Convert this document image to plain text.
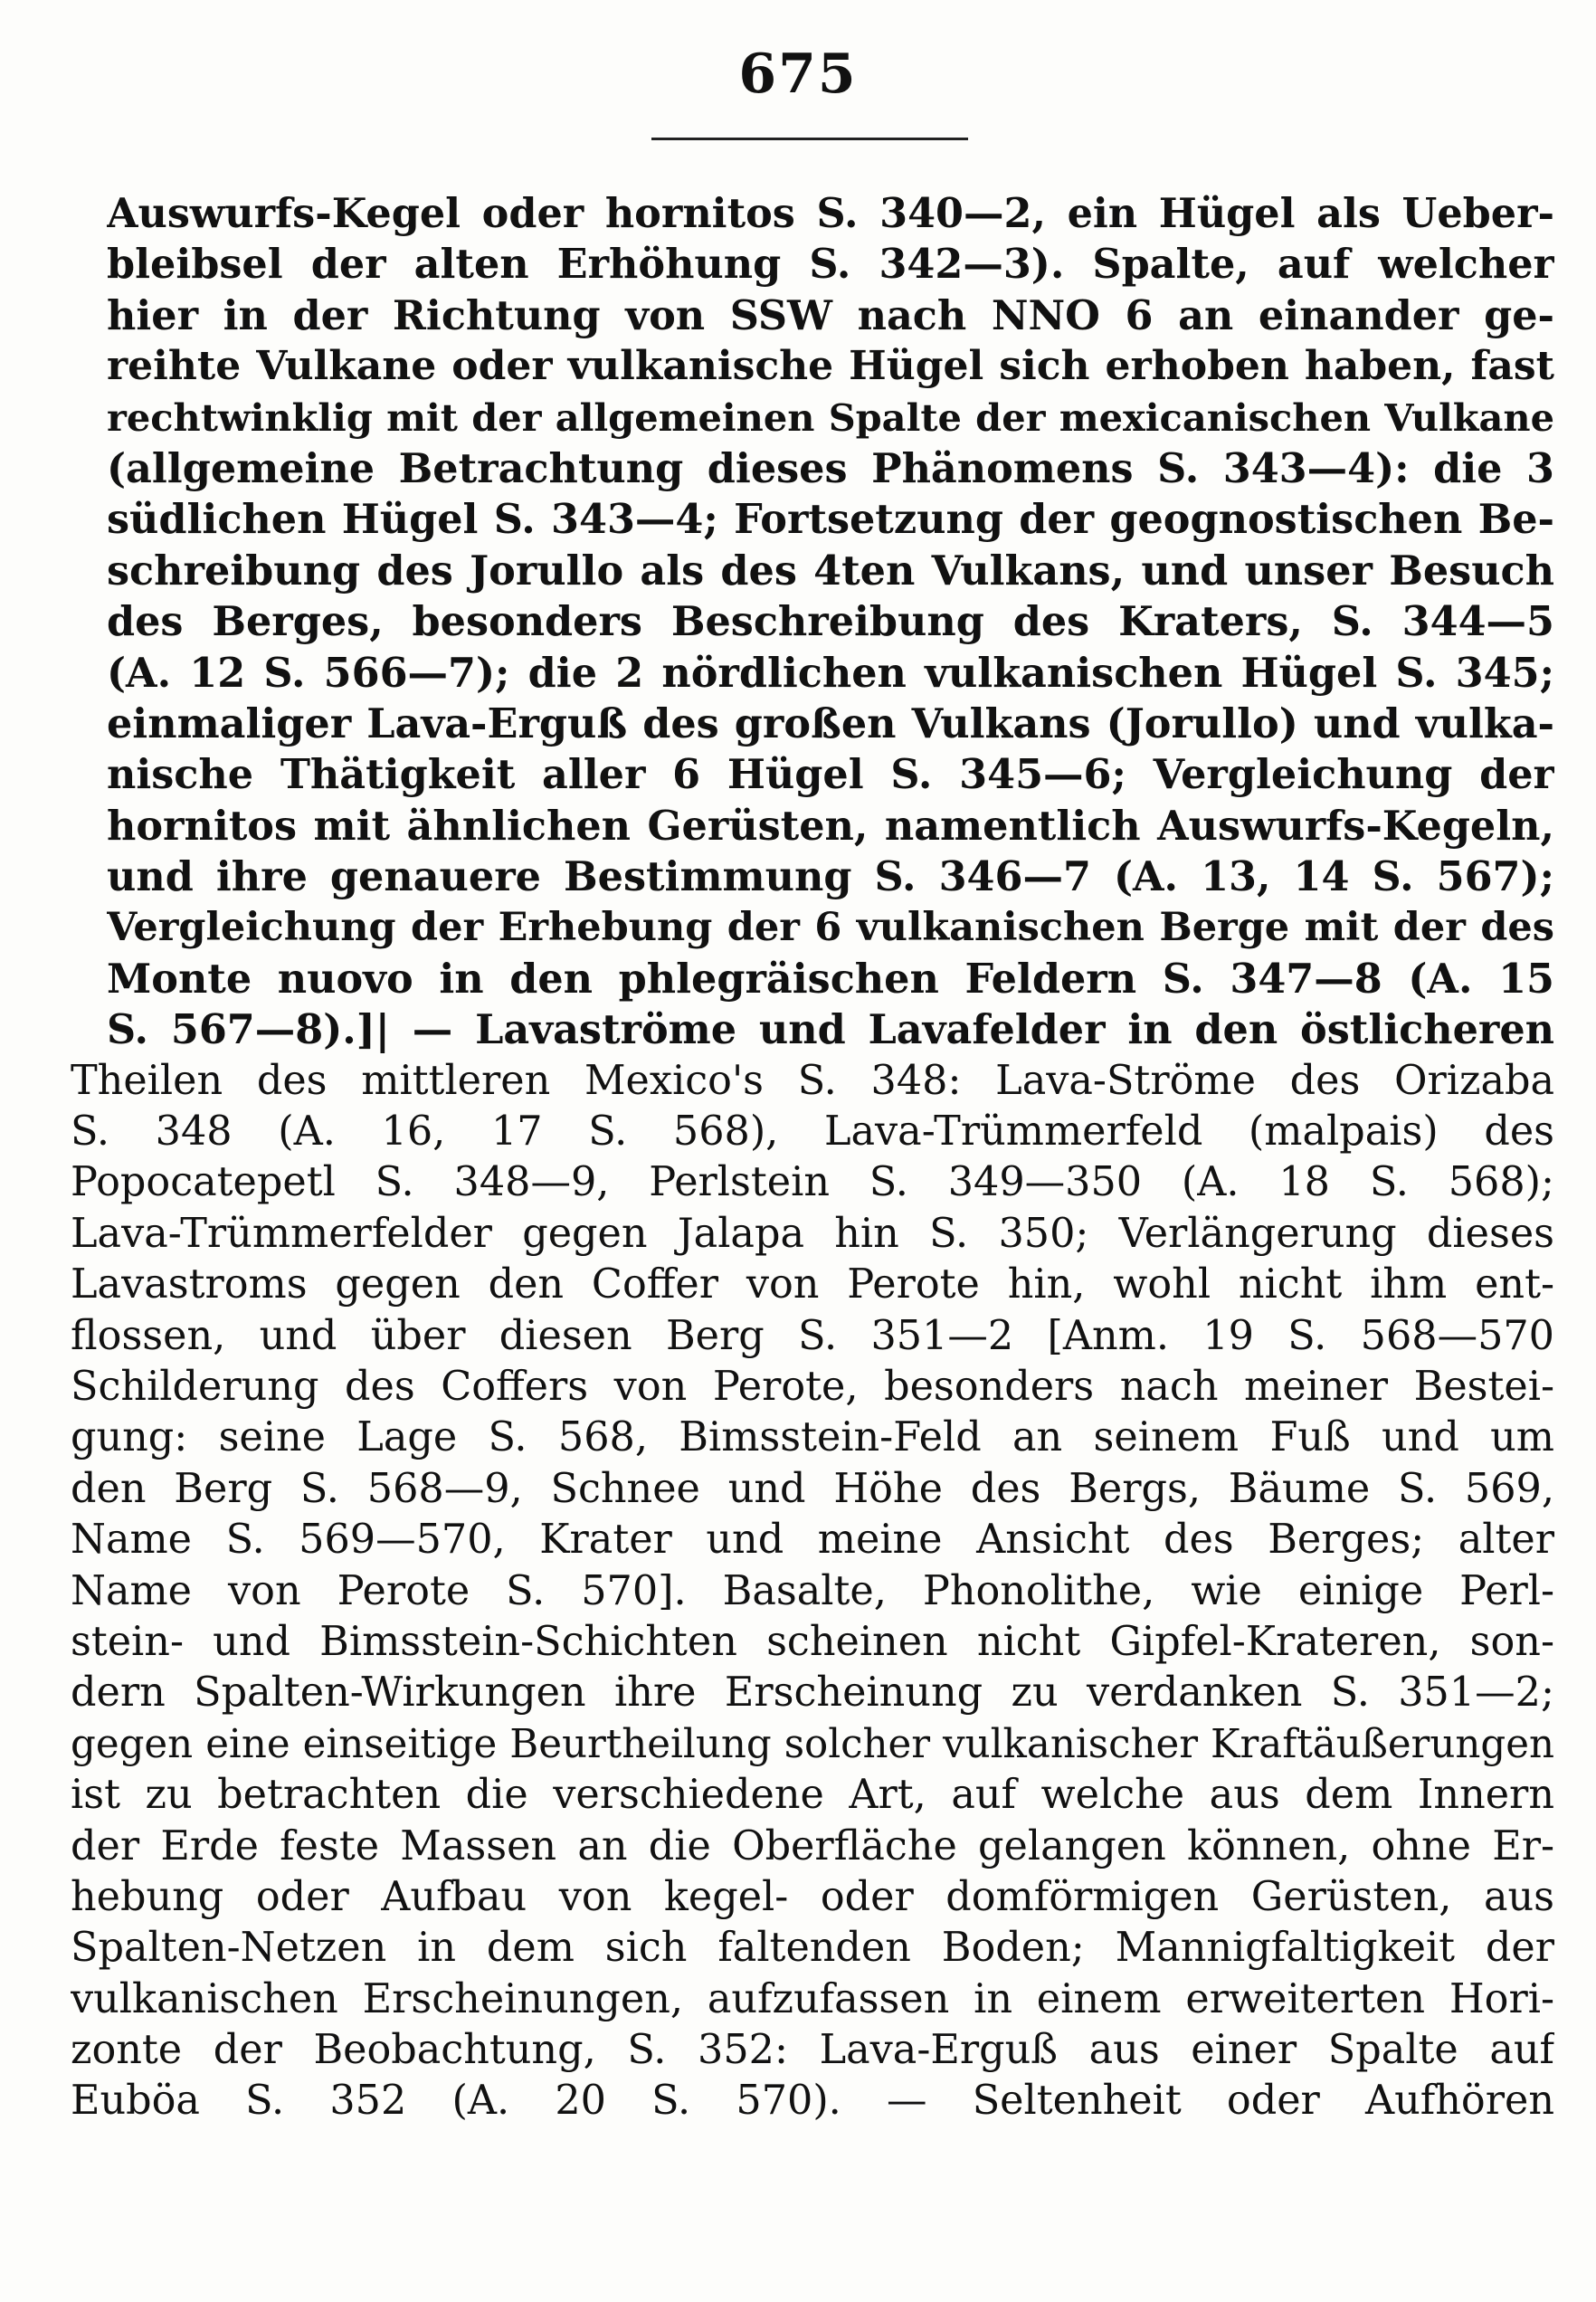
675
Auswurfs-Kegel oder hornitos S. 340—2, ein Hügel als Ueber-
bleibsel der alten Erhöhung S. 342—3). Spalte, auf welcher
hier in der Richtung von SSW nach NNO 6 an einander ge-
reihte Vulkane oder vulkanische Hügel sich erhoben haben, fast
rechtwinklig mit der allgemeinen Spalte der mexicanischen Vulkane
(allgemeine Betrachtung dieses Phänomens S. 343—4): die 3
südlichen Hügel S. 343—4; Fortsetzung der geognostischen Be-
schreibung des Jorullo als des 4ten Vulkans, und unser Besuch
des Berges, besonders Beschreibung des Kraters, S. 344—5
(A. 12 S. 566—7); die 2 nördlichen vulkanischen Hügel S. 345;
einmaliger Lava-Erguß des großen Vulkans (Jorullo) und vulka-
nische Thätigkeit aller 6 Hügel S. 345—6; Vergleichung der
hornitos mit ähnlichen Gerüsten, namentlich Auswurfs-Kegeln,
und ihre genauere Bestimmung S. 346—7 (A. 13, 14 S. 567);
Vergleichung der Erhebung der 6 vulkanischen Berge mit der des
Monte nuovo in den phlegräischen Feldern S. 347—8 (A. 15
S. 567—8).]| — Lavaströme und Lavafelder in den östlicheren
Theilen des mittleren Mexico's S. 348: Lava-Ströme des Orizaba
S. 348 (A. 16, 17 S. 568), Lava-Trümmerfeld (malpais) des
Popocatepetl S. 348—9, Perlstein S. 349—350 (A. 18 S. 568);
Lava-Trümmerfelder gegen Jalapa hin S. 350; Verlängerung dieses
Lavastroms gegen den Coffer von Perote hin, wohl nicht ihm ent-
flossen, und über diesen Berg S. 351—2 [Anm. 19 S. 568—570
Schilderung des Coffers von Perote, besonders nach meiner Bestei-
gung: seine Lage S. 568, Bimsstein-Feld an seinem Fuß und um
den Berg S. 568—9, Schnee und Höhe des Bergs, Bäume S. 569,
Name S. 569—570, Krater und meine Ansicht des Berges; alter
Name von Perote S. 570]. Basalte, Phonolithe, wie einige Perl-
stein- und Bimsstein-Schichten scheinen nicht Gipfel-Krateren, son-
dern Spalten-Wirkungen ihre Erscheinung zu verdanken S. 351—2;
gegen eine einseitige Beurtheilung solcher vulkanischer Kraftäußerungen
ist zu betrachten die verschiedene Art, auf welche aus dem Innern
der Erde feste Massen an die Oberfläche gelangen können, ohne Er-
hebung oder Aufbau von kegel- oder domförmigen Gerüsten, aus
Spalten-Netzen in dem sich faltenden Boden; Mannigfaltigkeit der
vulkanischen Erscheinungen, aufzufassen in einem erweiterten Hori-
zonte der Beobachtung, S. 352: Lava-Erguß aus einer Spalte auf
Euböa S. 352 (A. 20 S. 570). — Seltenheit oder Aufhören
